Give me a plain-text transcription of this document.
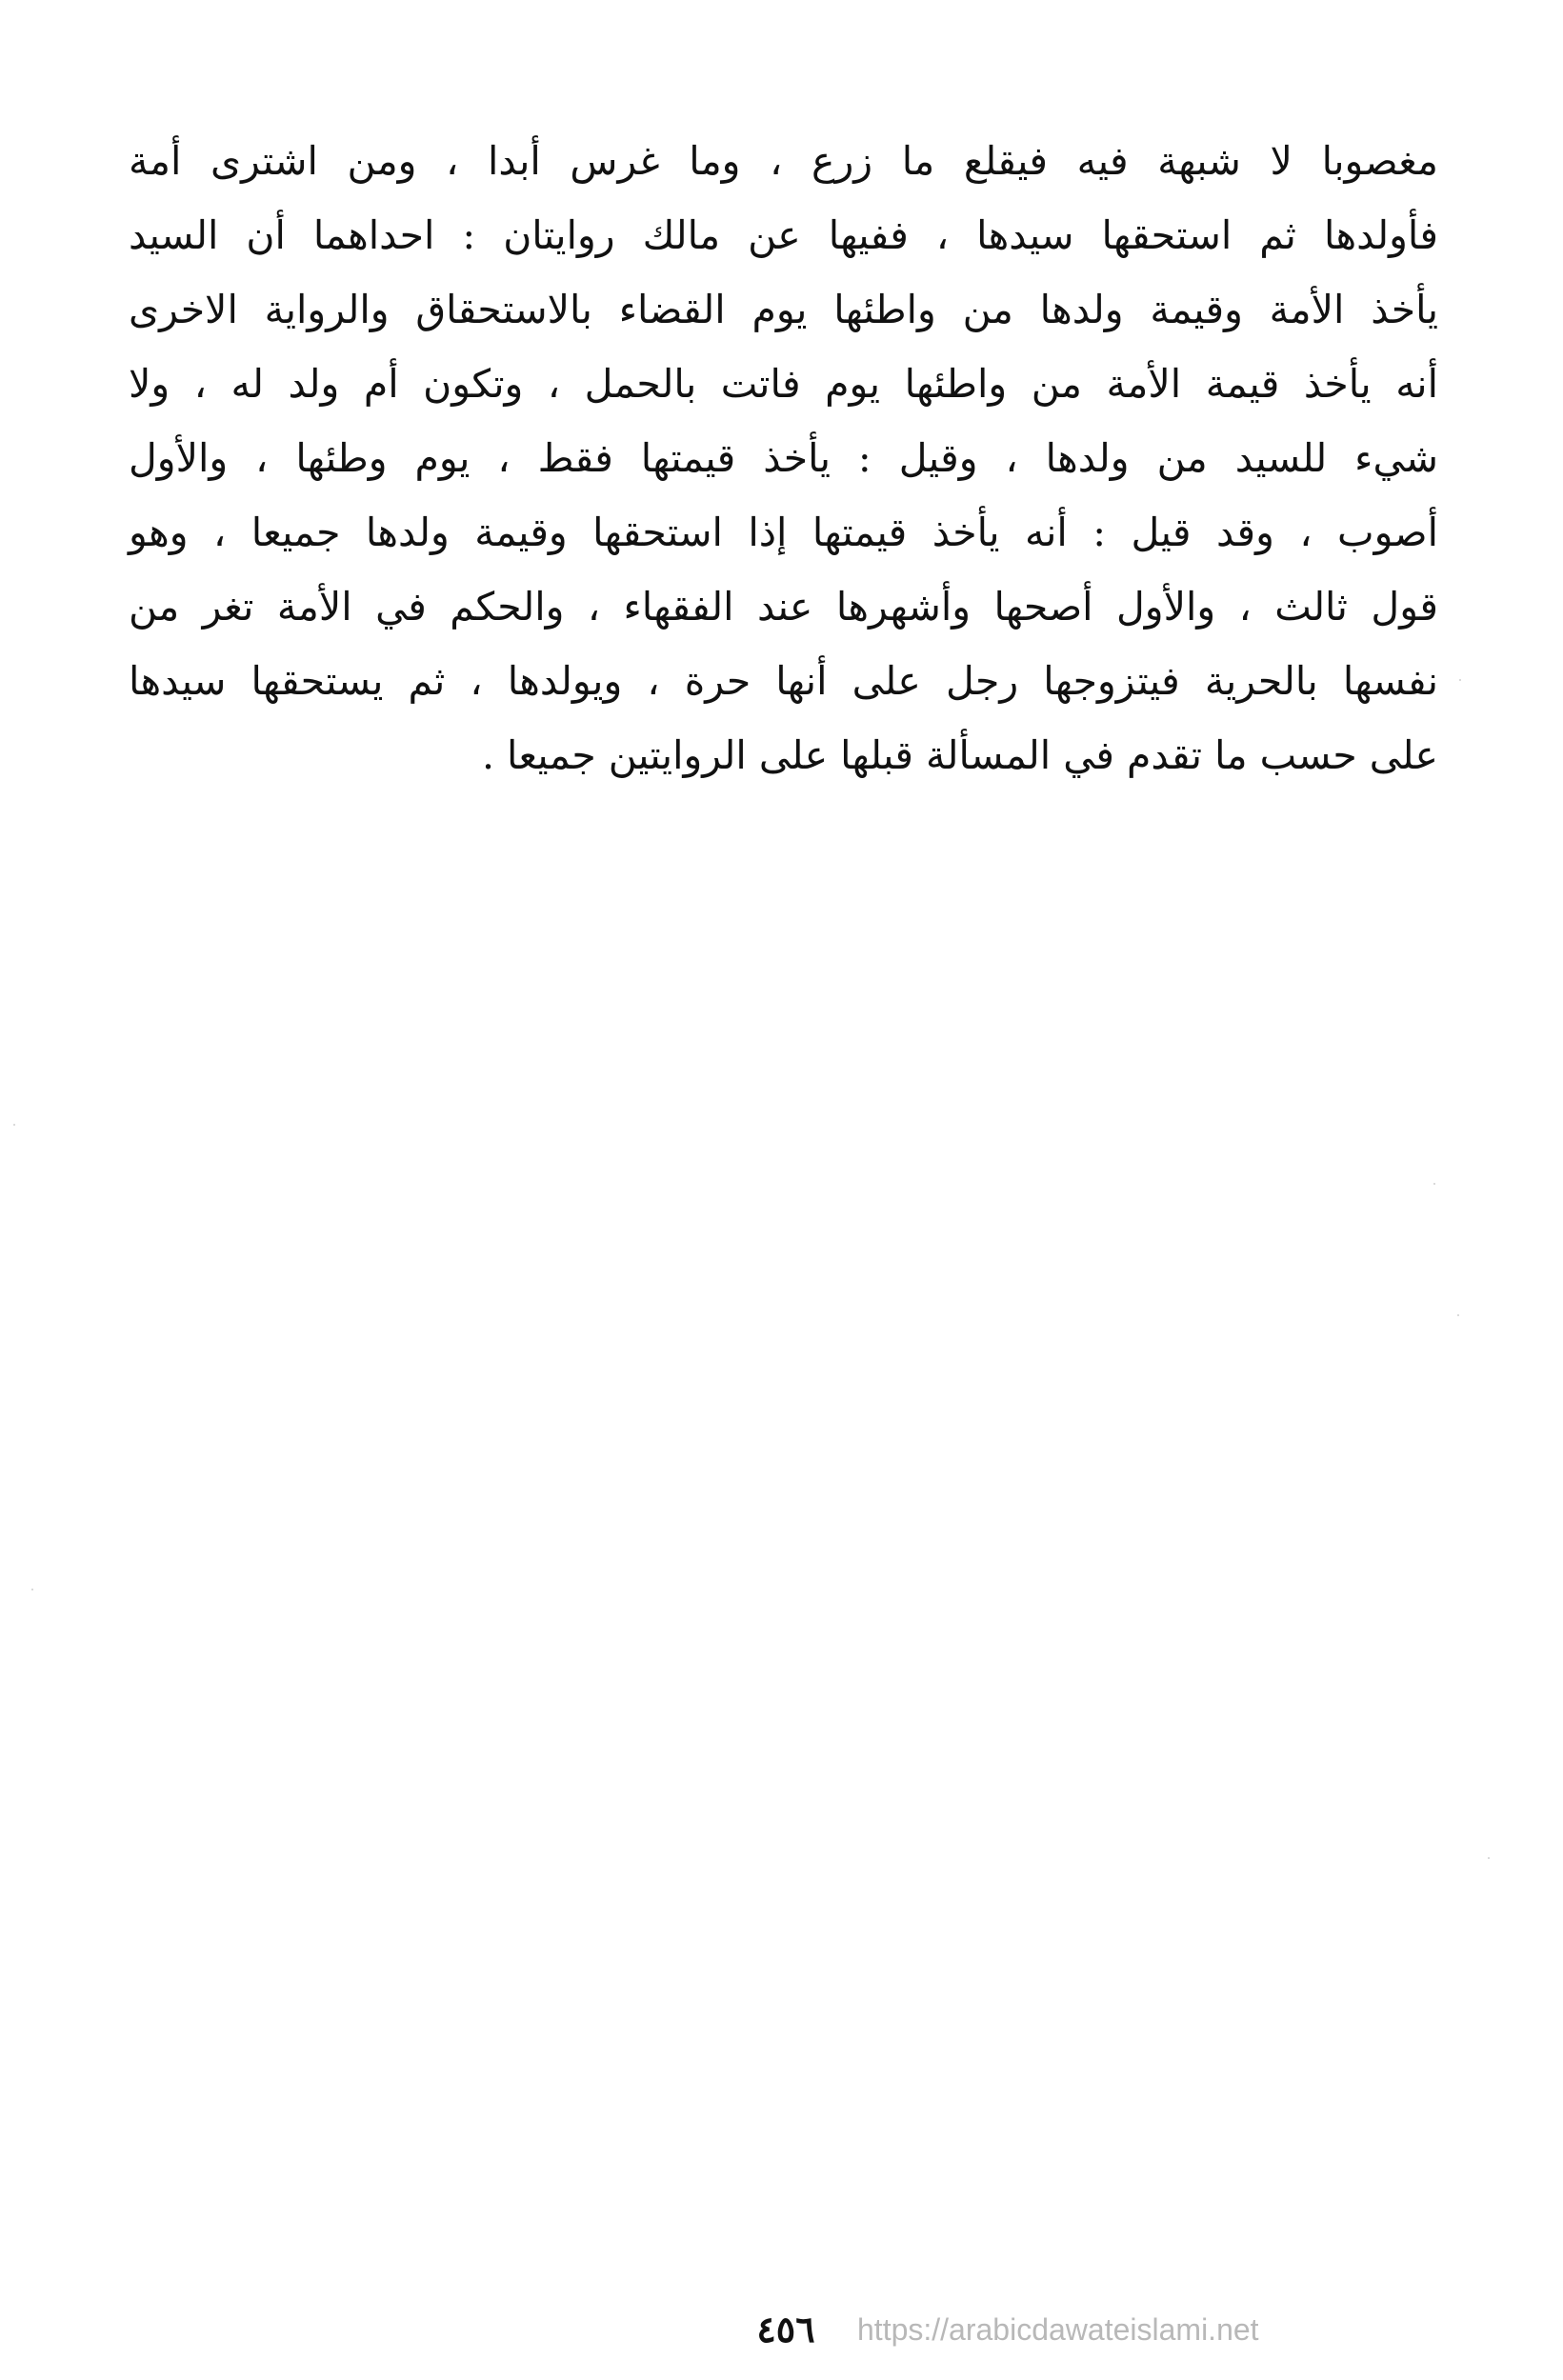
مغصوبا لا شبهة فيه فيقلع ما زرع ، وما غرس أبدا ، ومن اشترى أمة
فأولدها ثم استحقها سيدها ، ففيها عن مالك روايتان : احداهما أن السيد
يأخذ الأمة وقيمة ولدها من واطئها يوم القضاء بالاستحقاق والرواية الاخرى
أنه يأخذ قيمة الأمة من واطئها يوم فاتت بالحمل ، وتكون أم ولد له ، ولا
شيء للسيد من ولدها ، وقيل : يأخذ قيمتها فقط ، يوم وطئها ، والأول
أصوب ، وقد قيل : أنه يأخذ قيمتها إذا استحقها وقيمة ولدها جميعا ، وهو
قول ثالث ، والأول أصحها وأشهرها عند الفقهاء ، والحكم في الأمة تغر من
نفسها بالحرية فيتزوجها رجل على أنها حرة ، ويولدها ، ثم يستحقها سيدها
على حسب ما تقدم في المسألة قبلها على الروايتين جميعا .
٤٥٦	https://arabicdawateislami.net
